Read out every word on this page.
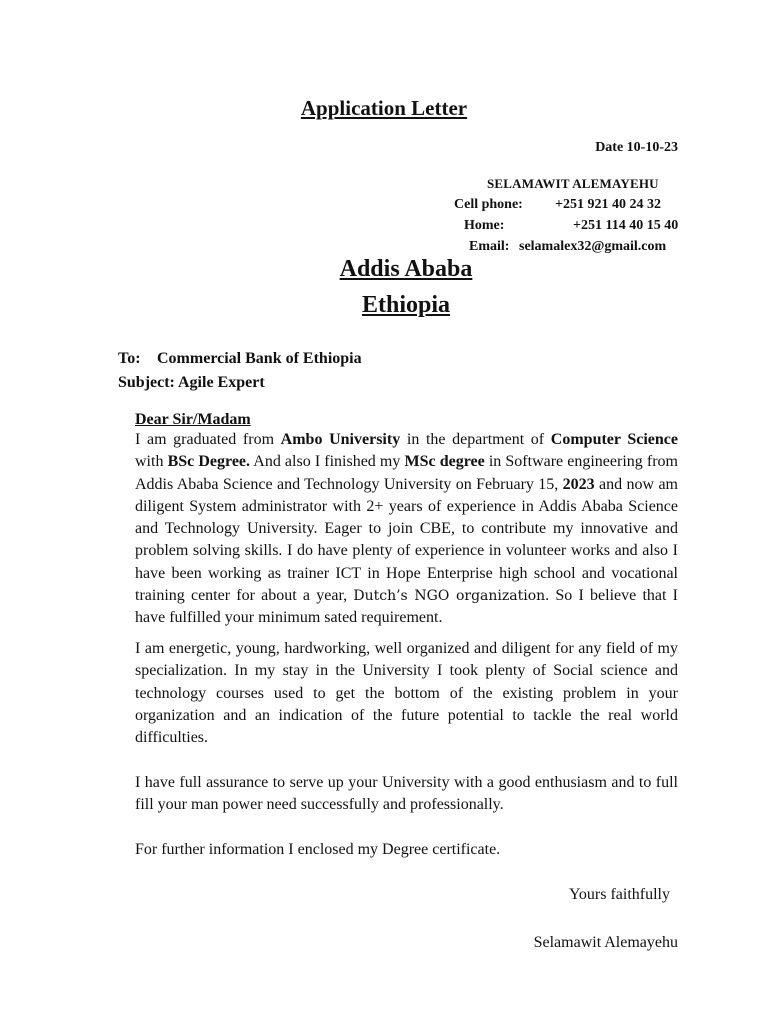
Application Letter
Date 10-10-23
SELAMAWIT ALEMAYEHU
Cell phone:	+251 921 40 24 32
Home:	+251 114 40 15 40
Email: selamalex32@gmail.com
Addis Ababa
Ethiopia
To: Commercial Bank of Ethiopia
Subject: Agile Expert
Dear Sir/Madam
I am graduated from Ambo University in the department of Computer Science with BSc Degree. And also I finished my MSc degree in Software engineering from Addis Ababa Science and Technology University on February 15, 2023 and now am diligent System administrator with 2+ years of experience in Addis Ababa Science and Technology University. Eager to join CBE, to contribute my innovative and problem solving skills. I do have plenty of experience in volunteer works and also I have been working as trainer ICT in Hope Enterprise high school and vocational training center for about a year, Dutch’s NGO organization. So I believe that I have fulfilled your minimum sated requirement.
I am energetic, young, hardworking, well organized and diligent for any field of my specialization. In my stay in the University I took plenty of Social science and technology courses used to get the bottom of the existing problem in your organization and an indication of the future potential to tackle the real world difficulties.
I have full assurance to serve up your University with a good enthusiasm and to full fill your man power need successfully and professionally.
For further information I enclosed my Degree certificate.
Yours faithfully
Selamawit Alemayehu
